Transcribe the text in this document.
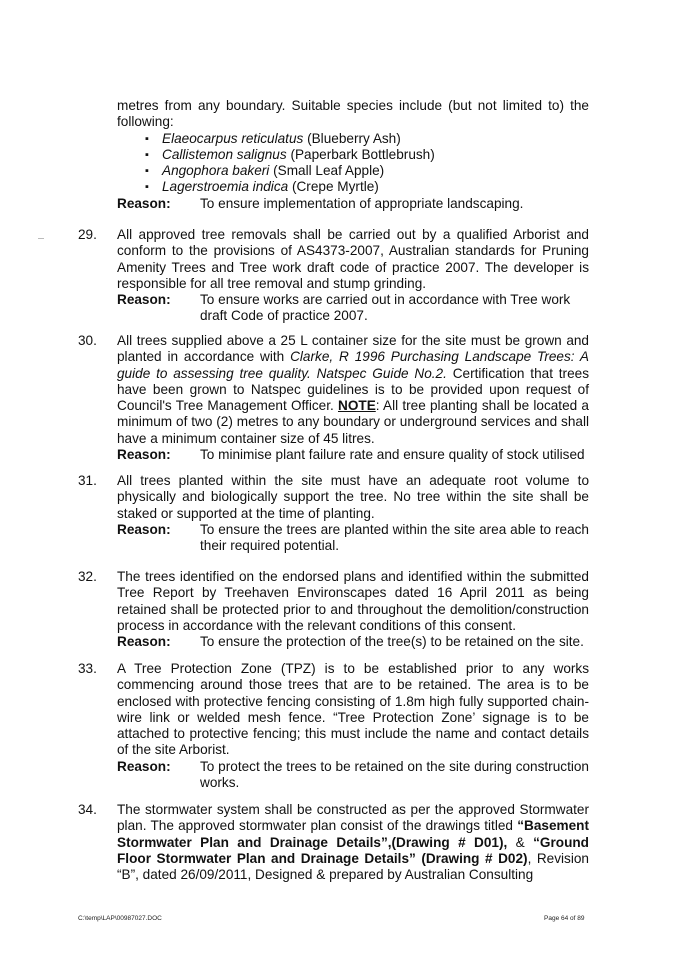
metres from any boundary. Suitable species include (but not limited to) the following:
▪ Elaeocarpus reticulatus (Blueberry Ash)
▪ Callistemon salignus (Paperbark Bottlebrush)
▪ Angophora bakeri (Small Leaf Apple)
▪ Lagerstroemia indica (Crepe Myrtle)
Reason:	To ensure implementation of appropriate landscaping.
29. All approved tree removals shall be carried out by a qualified Arborist and conform to the provisions of AS4373-2007, Australian standards for Pruning Amenity Trees and Tree work draft code of practice 2007. The developer is responsible for all tree removal and stump grinding.
Reason:	To ensure works are carried out in accordance with Tree work draft Code of practice 2007.
30. All trees supplied above a 25 L container size for the site must be grown and planted in accordance with Clarke, R 1996 Purchasing Landscape Trees: A guide to assessing tree quality. Natspec Guide No.2. Certification that trees have been grown to Natspec guidelines is to be provided upon request of Council's Tree Management Officer. NOTE: All tree planting shall be located a minimum of two (2) metres to any boundary or underground services and shall have a minimum container size of 45 litres.
Reason:	To minimise plant failure rate and ensure quality of stock utilised
31. All trees planted within the site must have an adequate root volume to physically and biologically support the tree. No tree within the site shall be staked or supported at the time of planting.
Reason:	To ensure the trees are planted within the site area able to reach their required potential.
32. The trees identified on the endorsed plans and identified within the submitted Tree Report by Treehaven Environscapes dated 16 April 2011 as being retained shall be protected prior to and throughout the demolition/construction process in accordance with the relevant conditions of this consent.
Reason:	To ensure the protection of the tree(s) to be retained on the site.
33. A Tree Protection Zone (TPZ) is to be established prior to any works commencing around those trees that are to be retained. The area is to be enclosed with protective fencing consisting of 1.8m high fully supported chain-wire link or welded mesh fence. “Tree Protection Zone’ signage is to be attached to protective fencing; this must include the name and contact details of the site Arborist.
Reason:	To protect the trees to be retained on the site during construction works.
34. The stormwater system shall be constructed as per the approved Stormwater plan. The approved stormwater plan consist of the drawings titled “Basement Stormwater Plan and Drainage Details”,(Drawing # D01), & “Ground Floor Stormwater Plan and Drainage Details” (Drawing # D02), Revision “B”, dated 26/09/2011, Designed & prepared by Australian Consulting
C:\temp\LAP\00987027.DOC	Page 64 of 89
